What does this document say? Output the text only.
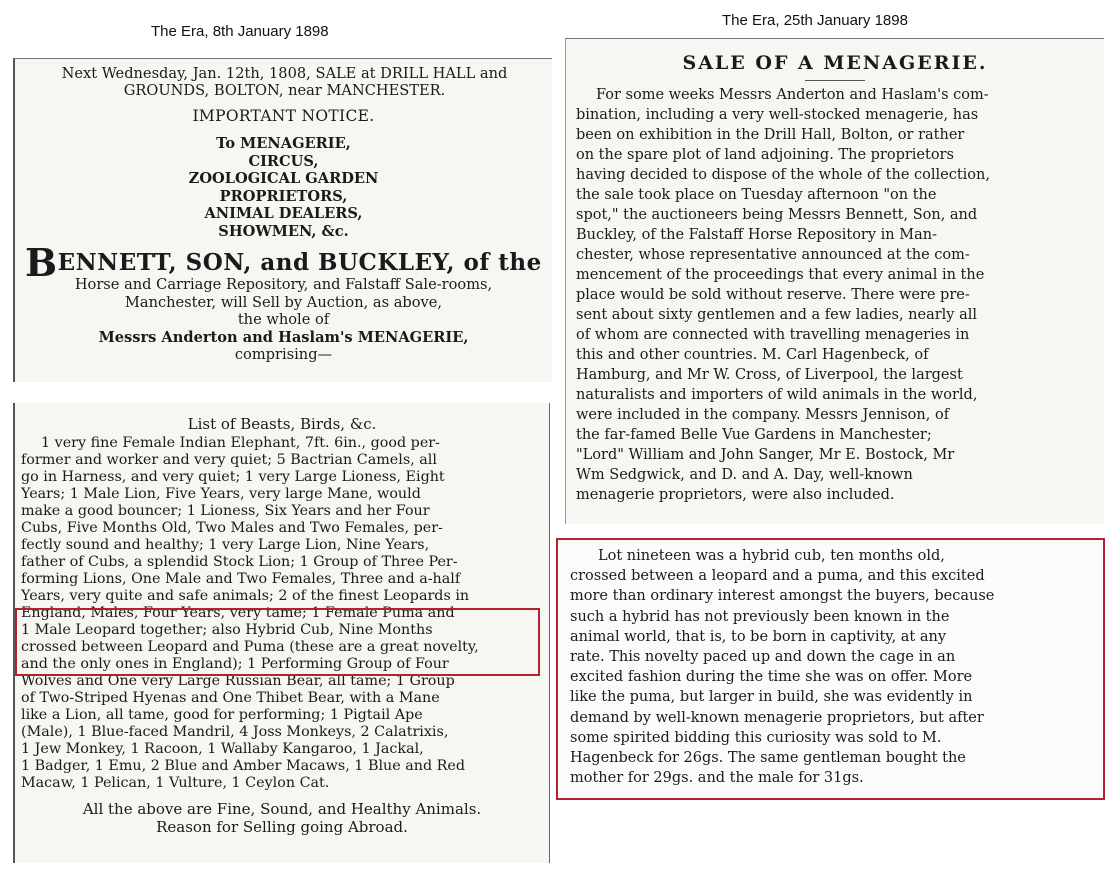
The Era, 8th January 1898
The Era, 25th January 1898

Next Wednesday, Jan. 12th, 1808, SALE at DRILL HALL and

GROUNDS, BOLTON, near MANCHESTER.

IMPORTANT NOTICE.

To MENAGERIE,
CIRCUS,
ZOOLOGICAL GARDEN
PROPRIETORS,
ANIMAL DEALERS,
SHOWMEN, &c.
BENNETT, SON, and BUCKLEY, of the
Horse and Carriage Repository, and Falstaff Sale-rooms,
Manchester, will Sell by Auction, as above,
the whole of
Messrs Anderton and Haslam's MENAGERIE,
comprising—

List of Beasts, Birds, &c.

1 very fine Female Indian Elephant, 7ft. 6in., good per-
former and worker and very quiet; 5 Bactrian Camels, all
go in Harness, and very quiet; 1 very Large Lioness, Eight
Years; 1 Male Lion, Five Years, very large Mane, would
make a good bouncer; 1 Lioness, Six Years and her Four
Cubs, Five Months Old, Two Males and Two Females, per-
fectly sound and healthy; 1 very Large Lion, Nine Years,
father of Cubs, a splendid Stock Lion; 1 Group of Three Per-
forming Lions, One Male and Two Females, Three and a-half
Years, very quite and safe animals; 2 of the finest Leopards in
England, Males, Four Years, very tame; 1 Female Puma and
1 Male Leopard together; also Hybrid Cub, Nine Months
crossed between Leopard and Puma (these are a great novelty,
and the only ones in England); 1 Performing Group of Four
Wolves and One very Large Russian Bear, all tame; 1 Group
of Two-Striped Hyenas and One Thibet Bear, with a Mane
like a Lion, all tame, good for performing; 1 Pigtail Ape
(Male), 1 Blue-faced Mandril, 4 Joss Monkeys, 2 Calatrixis,
1 Jew Monkey, 1 Racoon, 1 Wallaby Kangaroo, 1 Jackal,
1 Badger, 1 Emu, 2 Blue and Amber Macaws, 1 Blue and Red
Macaw, 1 Pelican, 1 Vulture, 1 Ceylon Cat.
All the above are Fine, Sound, and Healthy Animals.
Reason for Selling going Abroad.

SALE OF A MENAGERIE.

For some weeks Messrs Anderton and Haslam's com-
bination, including a very well-stocked menagerie, has
been on exhibition in the Drill Hall, Bolton, or rather
on the spare plot of land adjoining. The proprietors
having decided to dispose of the whole of the collection,
the sale took place on Tuesday afternoon "on the
spot," the auctioneers being Messrs Bennett, Son, and
Buckley, of the Falstaff Horse Repository in Man-
chester, whose representative announced at the com-
mencement of the proceedings that every animal in the
place would be sold without reserve. There were pre-
sent about sixty gentlemen and a few ladies, nearly all
of whom are connected with travelling menageries in
this and other countries. M. Carl Hagenbeck, of
Hamburg, and Mr W. Cross, of Liverpool, the largest
naturalists and importers of wild animals in the world,
were included in the company. Messrs Jennison, of
the far-famed Belle Vue Gardens in Manchester;
"Lord" William and John Sanger, Mr E. Bostock, Mr
Wm Sedgwick, and D. and A. Day, well-known
menagerie proprietors, were also included.
Lot nineteen was a hybrid cub, ten months old,
crossed between a leopard and a puma, and this excited
more than ordinary interest amongst the buyers, because
such a hybrid has not previously been known in the
animal world, that is, to be born in captivity, at any
rate. This novelty paced up and down the cage in an
excited fashion during the time she was on offer. More
like the puma, but larger in build, she was evidently in
demand by well-known menagerie proprietors, but after
some spirited bidding this curiosity was sold to M.
Hagenbeck for 26gs. The same gentleman bought the
mother for 29gs. and the male for 31gs.
